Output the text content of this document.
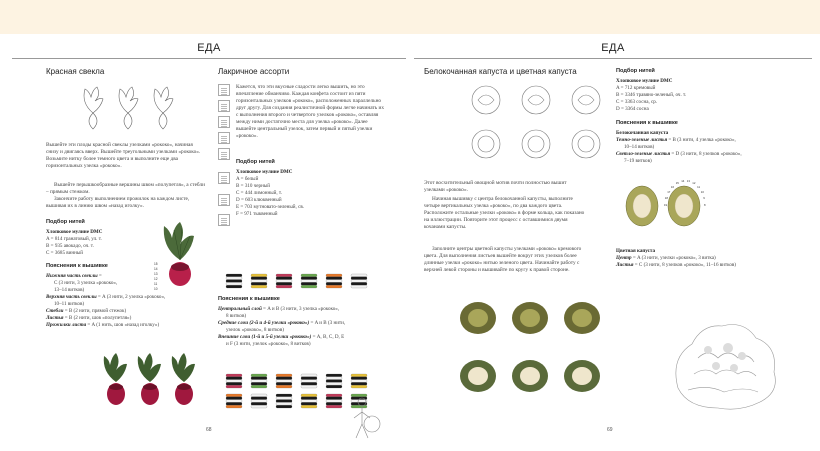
ЕДА
Красная свекла
Вышейте эти плоды красной свеклы узелками «рококо», начиная снизу и двигаясь вверх. Вышейте треугольными узелками «рококо». Возьмите нитку более темного цвета и выполните еще два горизонтальных узелка «рококо».
Вышейте перышкообразные вершины швом «полупетля», а стебли – прямым стежком.
Закончите работу выполнением прожилок на каждом листе, вышивая их в линию швом «назад иголку».
Подбор нитей
Хлопковое мулине DMC
A = 814 гранатовый, ул. т.
B = 935 авокадо, оч. т.
C = 3685 винный
Пояснения к вышивке
Нижняя часть свеклы =
C (3 нити, 3 узелка «рококо»,
13–14 витков)
Верхняя часть свеклы = A (3 нити, 2 узелка «рококо»,
10–11 витков)
Стебли = B (2 нити, прямой стежок)
Листья = B (2 нити, шов «полупетля»)
Прожилки листа = A (1 нить, шов «назад иголку»)
15
14
13
12
11
10
Лакричное ассорти
Кажется, что эти вкусные сладости легко вышить, но это впечатление обманчиво. Каждая конфета состоит из пяти горизонтальных узелков «рококо», расположенных параллельно друг другу. Для создания реалистичной формы легче начинать их с выполнения второго и четвертого узелков «рококо», оставляя между ними достаточно места для узелка «рококо». Далее вышейте центральный узелок, затем первый и пятый узелки «рококо».
Подбор нитей
Хлопковое мулине DMC
A = белый
B = 310 черный
C = 444 лимонный, т.
D = 603 клюквенный
E = 703 мутновато-зеленый, св.
F = 971 тыквенный
Пояснения к вышивке
Центральный слой = A и B (3 нити, 3 узелка «рококо»,
8 витков)
Средние слои (2-й и 4-й узелки «рококо») = A и B (3 нити,
узелок «рококо», 8 витков)
Внешние слои (1-й и 5-й узелки «рококо») = A, B, C, D, E
и F (3 нити, узелок «рококо», 8 витков)
68
ЕДА
Белокочанная капуста и цветная капуста
Этот восхитительный овощной мотив почти полностью вышит узелками «рококо».
Начиная вышивку с центра белокочанной капусты, выполните четыре вертикальных узелка «рококо», по два каждого цвета. Расположите остальные узелки «рококо» в форме кольца, как показано на иллюстрации. Повторите этот процесс с оставшимися двумя кочанами капусты.
Заполните центры цветной капусты узелками «рококо» кремового цвета. Для выполнения листьев вышейте вокруг этих узелков более длинные узелки «рококо» нитью зеленого цвета. Начинайте работу с верхней левой стороны и вышивайте по кругу к правой стороне.
Подбор нитей
Хлопковое мулине DMC
A = 712 кремовый
B = 3346 травяно-зеленый, оч. т.
C = 3363 сосна, ср.
D = 3364 сосна
Пояснения к вышивке
Белокочанная капуста
Темно-зеленые листья = B (3 нити, 4 узелка «рококо»,
10–14 витков)
Светло-зеленые листья = D (3 нити, 8 узелков «рококо»,
7–19 витков)
19
18
17
16
15 14 13 12
11
10
9
8
Цветная капуста
Центр = A (3 нити, узелки «рококо», 3 витка)
Листья = C (3 нити, 8 узелков «рококо», 11–16 витков)
69
